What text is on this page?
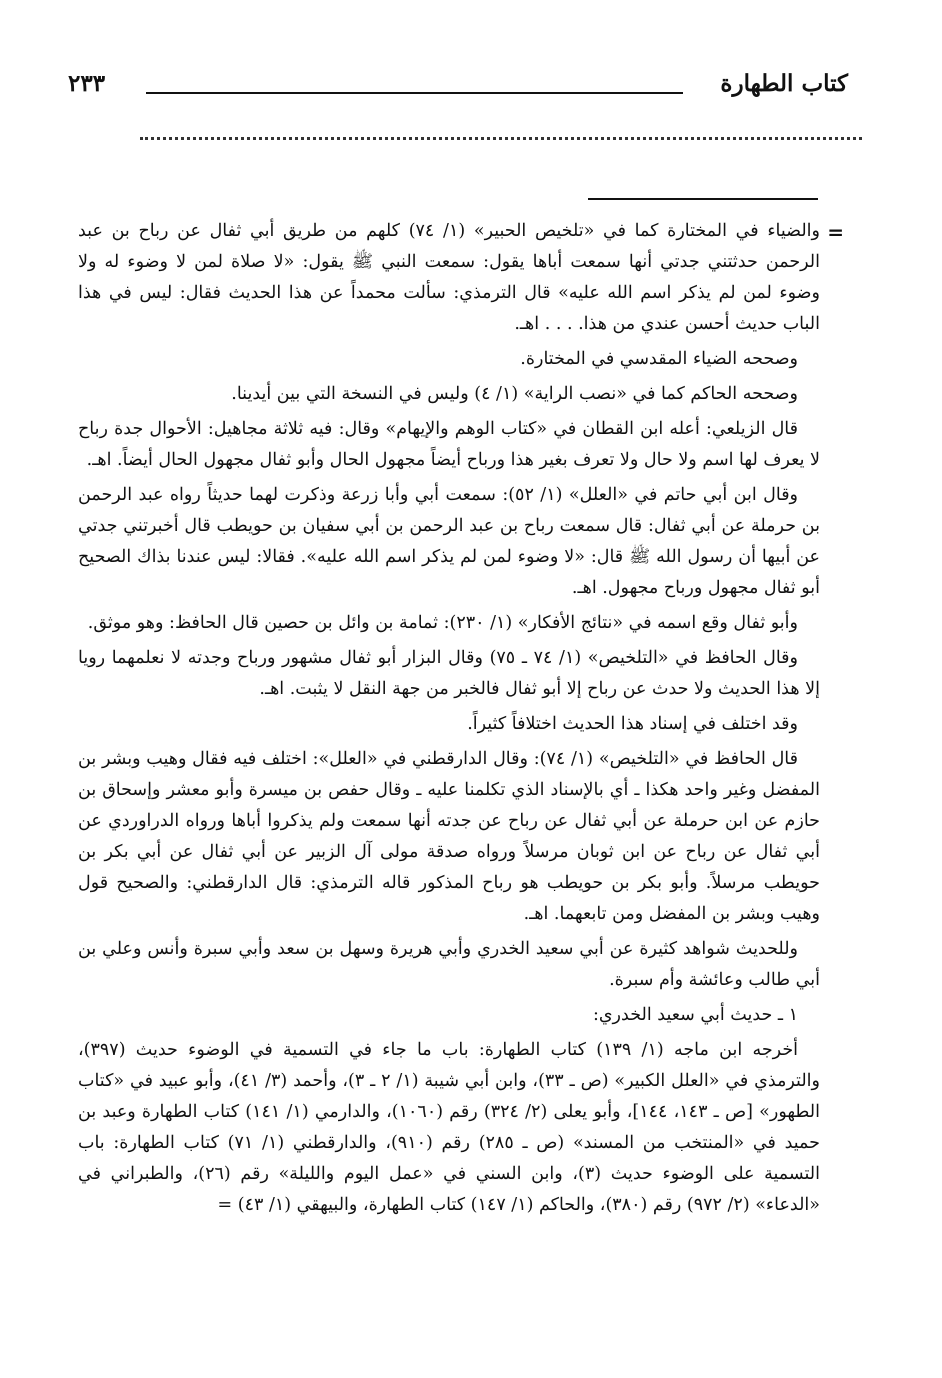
كتاب الطهارة
٢٣٣
=

والضياء في المختارة كما في «تلخيص الحبير» (١/ ٧٤) كلهم من طريق أبي ثفال عن رباح بن عبد الرحمن حدثتني جدتي أنها سمعت أباها يقول: سمعت النبي ﷺ يقول: «لا صلاة لمن لا وضوء له ولا وضوء لمن لم يذكر اسم الله عليه» قال الترمذي: سألت محمداً عن هذا الحديث فقال: ليس في هذا الباب حديث أحسن عندي من هذا. . . . اهـ.

وصححه الضياء المقدسي في المختارة.

وصححه الحاكم كما في «نصب الراية» (١/ ٤) وليس في النسخة التي بين أيدينا.

قال الزيلعي: أعله ابن القطان في «كتاب الوهم والإيهام» وقال: فيه ثلاثة مجاهيل: الأحوال جدة رباح لا يعرف لها اسم ولا حال ولا تعرف بغير هذا ورباح أيضاً مجهول الحال وأبو ثفال مجهول الحال أيضاً. اهـ.

وقال ابن أبي حاتم في «العلل» (١/ ٥٢): سمعت أبي وأبا زرعة وذكرت لهما حديثاً رواه عبد الرحمن بن حرملة عن أبي ثفال: قال سمعت رباح بن عبد الرحمن بن أبي سفيان بن حويطب قال أخبرتني جدتي عن أبيها أن رسول الله ﷺ قال: «لا وضوء لمن لم يذكر اسم الله عليه». فقالا: ليس عندنا بذاك الصحيح أبو ثفال مجهول ورباح مجهول. اهـ.

وأبو ثفال وقع اسمه في «نتائج الأفكار» (١/ ٢٣٠): ثمامة بن وائل بن حصين قال الحافظ: وهو موثق.

وقال الحافظ في «التلخيص» (١/ ٧٤ ـ ٧٥) وقال البزار أبو ثفال مشهور ورباح وجدته لا نعلمهما رويا إلا هذا الحديث ولا حدث عن رباح إلا أبو ثفال فالخبر من جهة النقل لا يثبت. اهـ.

وقد اختلف في إسناد هذا الحديث اختلافاً كثيراً.

قال الحافظ في «التلخيص» (١/ ٧٤): وقال الدارقطني في «العلل»: اختلف فيه فقال وهيب وبشر بن المفضل وغير واحد هكذا ـ أي بالإسناد الذي تكلمنا عليه ـ وقال حفص بن ميسرة وأبو معشر وإسحاق بن حازم عن ابن حرملة عن أبي ثفال عن رباح عن جدته أنها سمعت ولم يذكروا أباها ورواه الدراوردي عن أبي ثفال عن رباح عن ابن ثوبان مرسلاً ورواه صدقة مولى آل الزبير عن أبي ثفال عن أبي بكر بن حويطب مرسلاً. وأبو بكر بن حويطب هو رباح المذكور قاله الترمذي: قال الدارقطني: والصحيح قول وهيب وبشر بن المفضل ومن تابعهما. اهـ.

وللحديث شواهد كثيرة عن أبي سعيد الخدري وأبي هريرة وسهل بن سعد وأبي سبرة وأنس وعلي بن أبي طالب وعائشة وأم سبرة.

١ ـ حديث أبي سعيد الخدري:

أخرجه ابن ماجه (١/ ١٣٩) كتاب الطهارة: باب ما جاء في التسمية في الوضوء حديث (٣٩٧)، والترمذي في «العلل الكبير» (ص ـ ٣٣)، وابن أبي شيبة (١/ ٢ ـ ٣)، وأحمد (٣/ ٤١)، وأبو عبيد في «كتاب الطهور» [ص ـ ١٤٣، ١٤٤]، وأبو يعلى (٢/ ٣٢٤) رقم (١٠٦٠)، والدارمي (١/ ١٤١) كتاب الطهارة وعبد بن حميد في «المنتخب من المسند» (ص ـ ٢٨٥) رقم (٩١٠)، والدارقطني (١/ ٧١) كتاب الطهارة: باب التسمية على الوضوء حديث (٣)، وابن السني في «عمل اليوم والليلة» رقم (٢٦)، والطبراني في «الدعاء» (٢/ ٩٧٢) رقم (٣٨٠)، والحاكم (١/ ١٤٧) كتاب الطهارة، والبيهقي (١/ ٤٣) =
